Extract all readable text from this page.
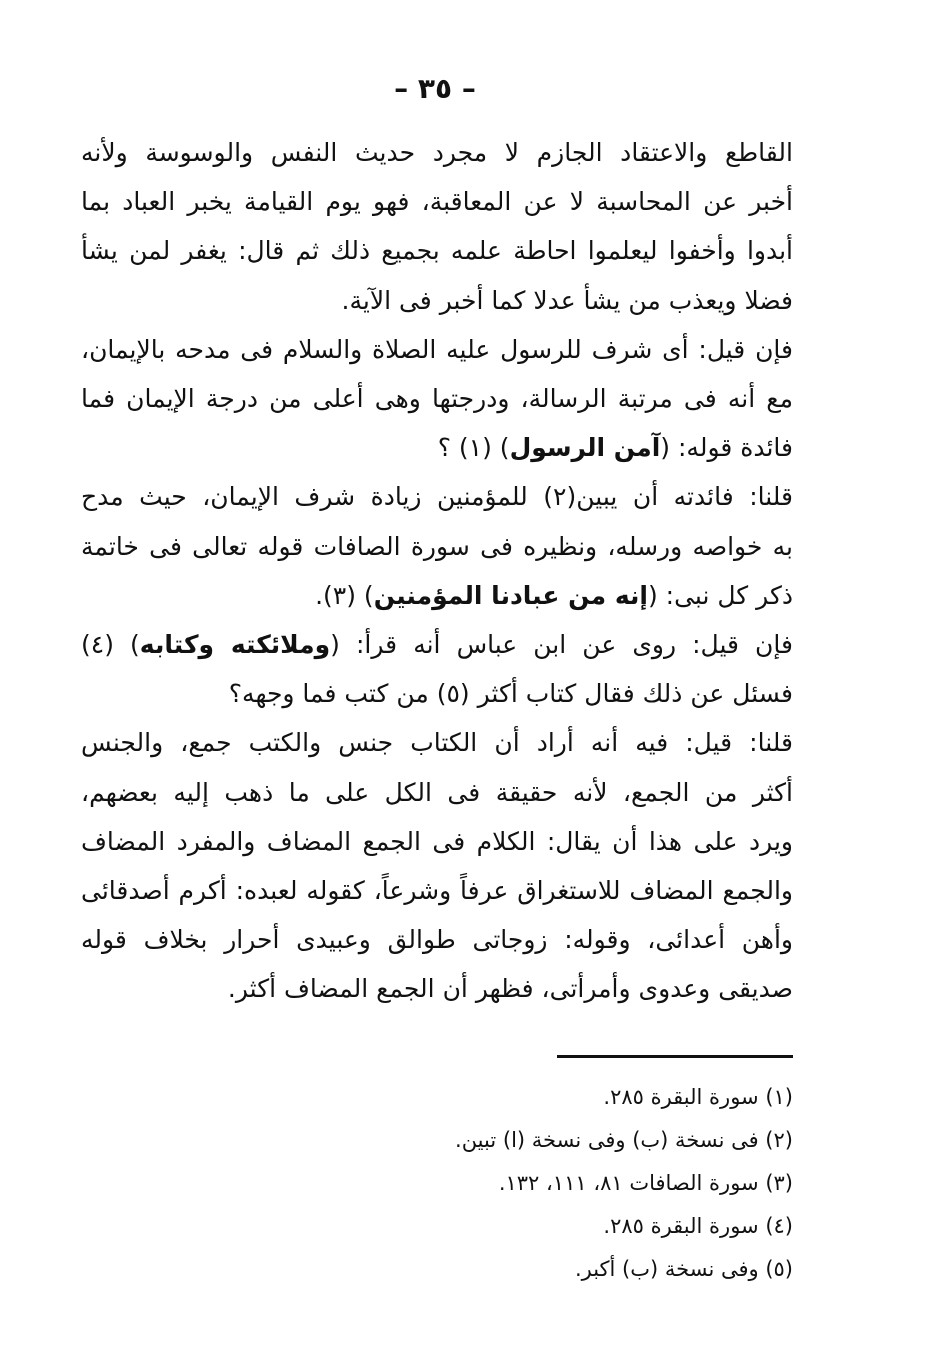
– ٣٥ –
القاطع والاعتقاد الجازم لا مجرد حديث النفس والوسوسة ولأنه
أخبر عن المحاسبة لا عن المعاقبة، فهو يوم القيامة يخبر العباد بما
أبدوا وأخفوا ليعلموا احاطة علمه بجميع ذلك ثم قال: يغفر لمن يشأ
فضلا ويعذب من يشأ عدلا كما أخبر فى الآية.
فإن قيل: أى شرف للرسول عليه الصلاة والسلام فى مدحه بالإيمان،
مع أنه فى مرتبة الرسالة، ودرجتها وهى أعلى من درجة الإيمان فما
فائدة قوله: (آمن الرسول) (١) ؟
قلنا: فائدته أن يبين(٢) للمؤمنين زيادة شرف الإيمان، حيث مدح
به خواصه ورسله، ونظيره فى سورة الصافات قوله تعالى فى خاتمة
ذكر كل نبى: (إنه من عبادنا المؤمنين) (٣).
فإن قيل: روى عن ابن عباس أنه قرأ: (وملائكته وكتابه) (٤)
فسئل عن ذلك فقال كتاب أكثر (٥) من كتب فما وجهه؟
قلنا: قيل: فيه أنه أراد أن الكتاب جنس والكتب جمع، والجنس
أكثر من الجمع، لأنه حقيقة فى الكل على ما ذهب إليه بعضهم،
ويرد على هذا أن يقال: الكلام فى الجمع المضاف والمفرد المضاف
والجمع المضاف للاستغراق عرفاً وشرعاً، كقوله لعبده: أكرم أصدقائى
وأهن أعدائى، وقوله: زوجاتى طوالق وعبيدى أحرار بخلاف قوله
صديقى وعدوى وأمرأتى، فظهر أن الجمع المضاف أكثر.
(١) سورة البقرة ٢٨٥.
(٢) فى نسخة (ب) وفى نسخة (ا) تبين.
(٣) سورة الصافات ٨١، ١١١، ١٣٢.
(٤) سورة البقرة ٢٨٥.
(٥) وفى نسخة (ب) أكبر.
